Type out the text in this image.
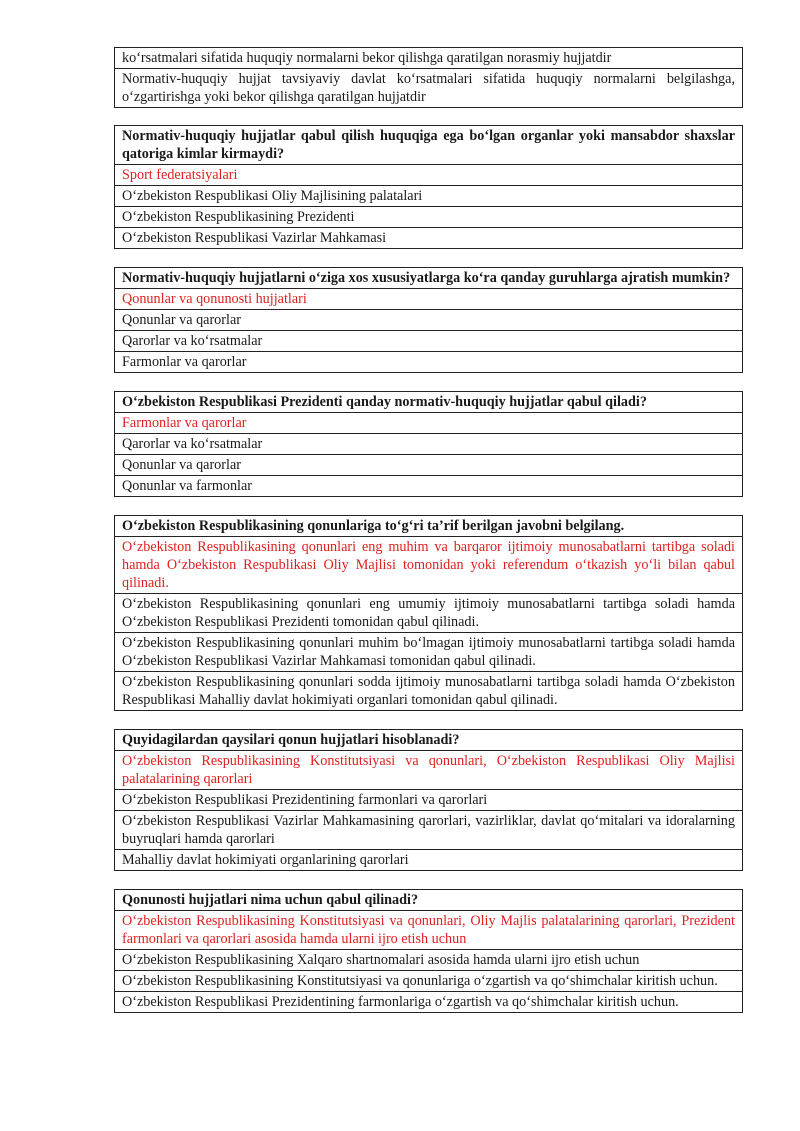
ko‘rsatmalari sifatida huquqiy normalarni bekor qilishga qaratilgan norasmiy hujjatdir
Normativ-huquqiy hujjat tavsiyaviy davlat ko‘rsatmalari sifatida huquqiy normalarni belgilashga, o‘zgartirishga yoki bekor qilishga qaratilgan hujjatdir
Normativ-huquqiy hujjatlar qabul qilish huquqiga ega bo‘lgan organlar yoki mansabdor shaxslar qatoriga kimlar kirmaydi?
Sport federatsiyalari
O‘zbekiston Respublikasi Oliy Majlisining palatalari
O‘zbekiston Respublikasining Prezidenti
O‘zbekiston Respublikasi Vazirlar Mahkamasi
Normativ-huquqiy hujjatlarni o‘ziga xos xususiyatlarga ko‘ra qanday guruhlarga ajratish mumkin?
Qonunlar va qonunosti hujjatlari
Qonunlar va qarorlar
Qarorlar va ko‘rsatmalar
Farmonlar va qarorlar
O‘zbekiston Respublikasi Prezidenti qanday normativ-huquqiy hujjatlar qabul qiladi?
Farmonlar va qarorlar
Qarorlar va ko‘rsatmalar
Qonunlar va qarorlar
Qonunlar va farmonlar
O‘zbekiston Respublikasining qonunlariga to‘g‘ri ta’rif berilgan javobni belgilang.
O‘zbekiston Respublikasining qonunlari eng muhim va barqaror ijtimoiy munosabatlarni tartibga soladi hamda O‘zbekiston Respublikasi Oliy Majlisi tomonidan yoki referendum o‘tkazish yo‘li bilan qabul qilinadi.
O‘zbekiston Respublikasining qonunlari eng umumiy ijtimoiy munosabatlarni tartibga soladi hamda O‘zbekiston Respublikasi Prezidenti tomonidan qabul qilinadi.
O‘zbekiston Respublikasining qonunlari muhim bo‘lmagan ijtimoiy munosabatlarni tartibga soladi hamda O‘zbekiston Respublikasi Vazirlar Mahkamasi tomonidan qabul qilinadi.
O‘zbekiston Respublikasining qonunlari sodda ijtimoiy munosabatlarni tartibga soladi hamda O‘zbekiston Respublikasi Mahalliy davlat hokimiyati organlari tomonidan qabul qilinadi.
Quyidagilardan qaysilari qonun hujjatlari hisoblanadi?
O‘zbekiston Respublikasining Konstitutsiyasi va qonunlari, O‘zbekiston Respublikasi Oliy Majlisi palatalarining qarorlari
O‘zbekiston Respublikasi Prezidentining farmonlari va qarorlari
O‘zbekiston Respublikasi Vazirlar Mahkamasining qarorlari, vazirliklar, davlat qo‘mitalari va idoralarning buyruqlari hamda qarorlari
Mahalliy davlat hokimiyati organlarining qarorlari
Qonunosti hujjatlari nima uchun qabul qilinadi?
O‘zbekiston Respublikasining Konstitutsiyasi va qonunlari, Oliy Majlis palatalarining qarorlari, Prezident farmonlari va qarorlari asosida hamda ularni ijro etish uchun
O‘zbekiston Respublikasining Xalqaro shartnomalari asosida hamda ularni ijro etish uchun
O‘zbekiston Respublikasining Konstitutsiyasi va qonunlariga o‘zgartish va qo‘shimchalar kiritish uchun.
O‘zbekiston Respublikasi Prezidentining farmonlariga o‘zgartish va qo‘shimchalar kiritish uchun.
